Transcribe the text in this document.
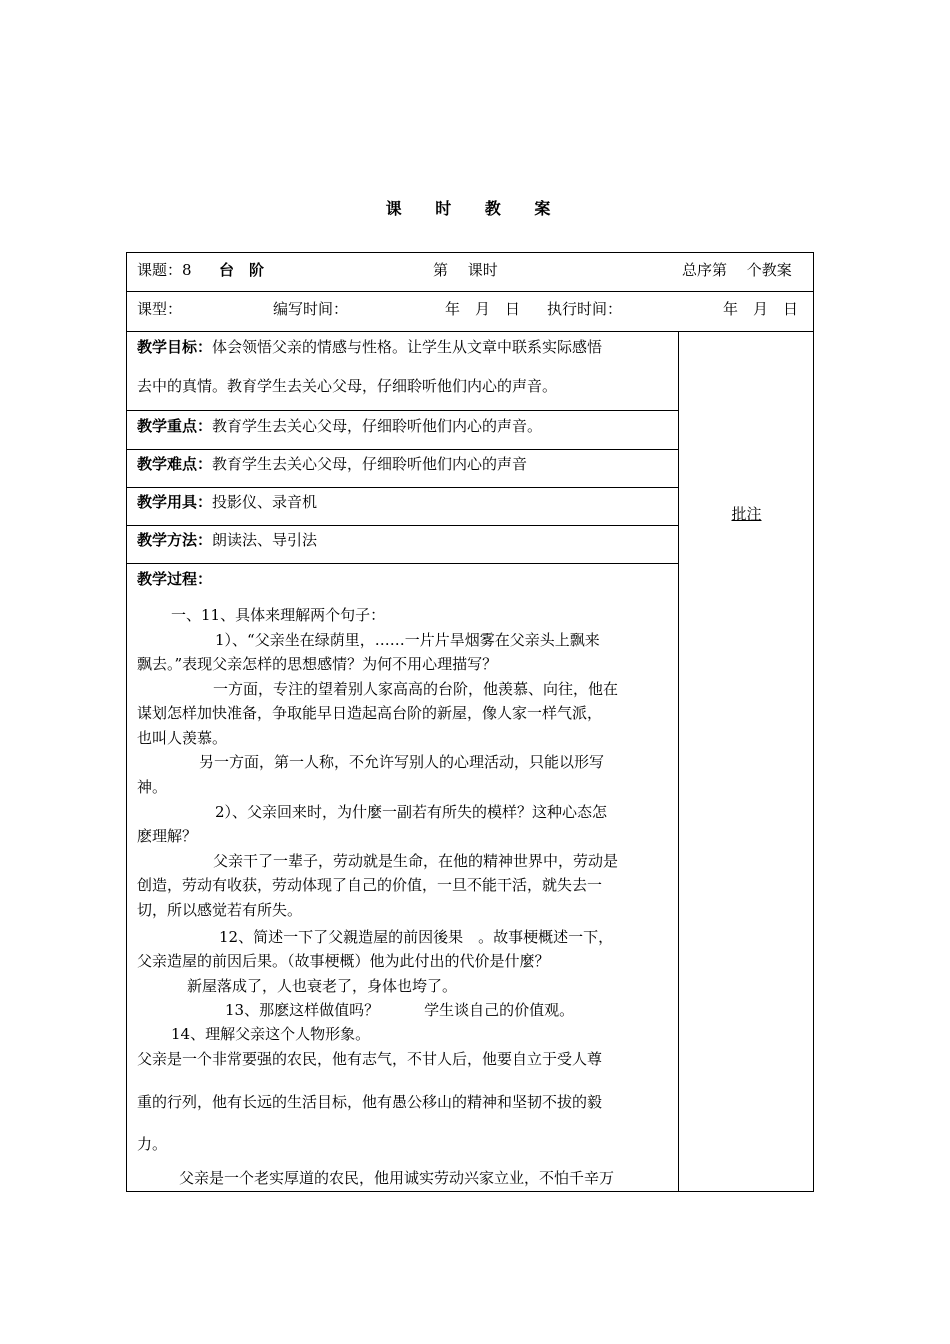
课 时 教 案
课题：8 台　阶	第　 课时	总序第　 个教案
课型：	编写时间：	年　月　日 执行时间：	年　月　日
批注
教学目标：体会领悟父亲的情感与性格。让学生从文章中联系实际感悟
去中的真情。教育学生去关心父母，仔细聆听他们内心的声音。
教学重点：教育学生去关心父母，仔细聆听他们内心的声音。
教学难点：教育学生去关心父母，仔细聆听他们内心的声音
教学用具：投影仪、录音机
教学方法：朗读法、导引法
教学过程：
一、11、具体来理解两个句子：
1）、“父亲坐在绿荫里，……一片片旱烟雾在父亲头上飘来
飘去。”表现父亲怎样的思想感情？为何不用心理描写？
一方面，专注的望着别人家高高的台阶，他羡慕、向往，他在
谋划怎样加快准备，争取能早日造起高台阶的新屋，像人家一样气派，
也叫人羡慕。
另一方面，第一人称，不允许写别人的心理活动，只能以形写
神。
2）、父亲回来时，为什麼一副若有所失的模样？这种心态怎
麽理解？
父亲干了一辈子，劳动就是生命，在他的精神世界中，劳动是
创造，劳动有收获，劳动体现了自己的价值，一旦不能干活，就失去一
切，所以感觉若有所失。
12、简述一下了父親造屋的前因後果　。故事梗概述一下，
父亲造屋的前因后果。（故事梗概）他为此付出的代价是什麼？
新屋落成了，人也衰老了，身体也垮了。
13、那麽这样做值吗？　　　学生谈自己的价值观。
14、理解父亲这个人物形象。
父亲是一个非常要强的农民，他有志气，不甘人后，他要自立于受人尊
重的行列，他有长远的生活目标，他有愚公移山的精神和坚韧不拔的毅
力。
父亲是一个老实厚道的农民，他用诚实劳动兴家立业，不怕千辛万
